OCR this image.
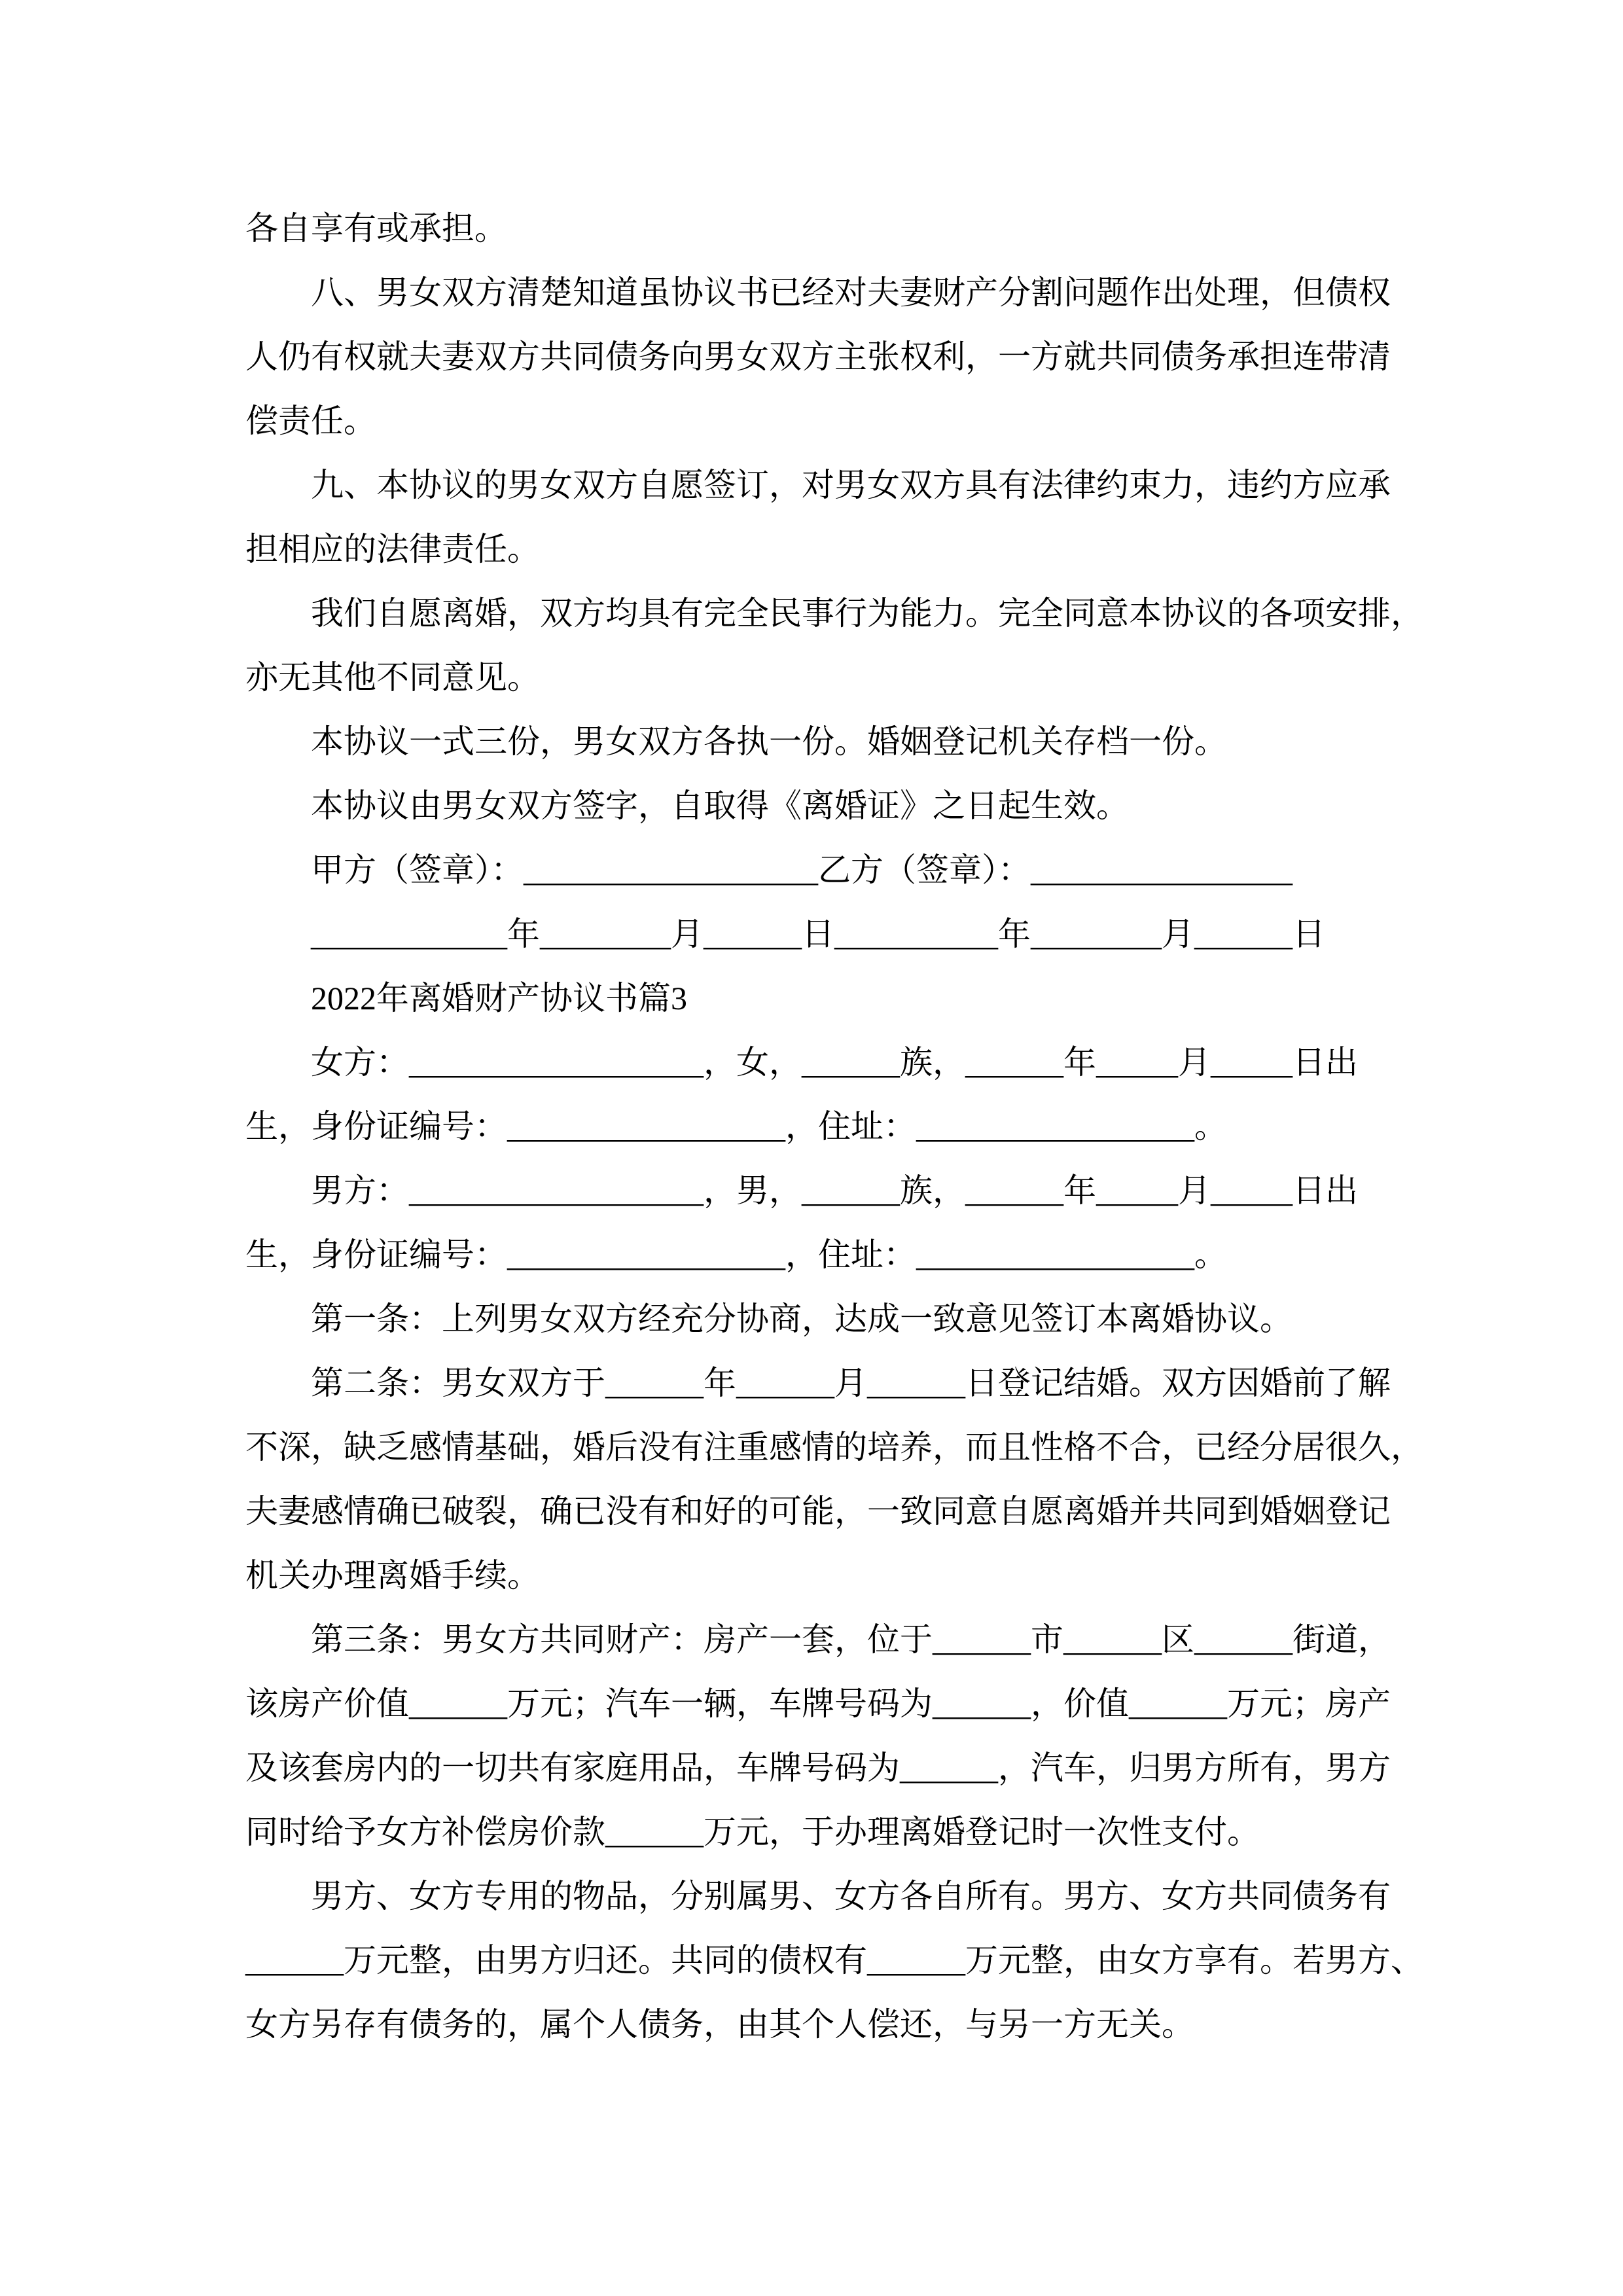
各自享有或承担。
八、男女双方清楚知道虽协议书已经对夫妻财产分割问题作出处理，但债权
人仍有权就夫妻双方共同债务向男女双方主张权利，一方就共同债务承担连带清
偿责任。
九、本协议的男女双方自愿签订，对男女双方具有法律约束力，违约方应承
担相应的法律责任。
我们自愿离婚，双方均具有完全民事行为能力。完全同意本协议的各项安排，
亦无其他不同意见。
本协议一式三份，男女双方各执一份。婚姻登记机关存档一份。
本协议由男女双方签字，自取得《离婚证》之日起生效。
甲方（签章）：__________________乙方（签章）：________________
____________年________月______日__________年________月______日
2022年离婚财产协议书篇3
女方：__________________，女，______族，______年_____月_____日出
生，身份证编号：_________________，住址：_________________。
男方：__________________，男，______族，______年_____月_____日出
生，身份证编号：_________________，住址：_________________。
第一条：上列男女双方经充分协商，达成一致意见签订本离婚协议。
第二条：男女双方于______年______月______日登记结婚。双方因婚前了解
不深，缺乏感情基础，婚后没有注重感情的培养，而且性格不合，已经分居很久，
夫妻感情确已破裂，确已没有和好的可能，一致同意自愿离婚并共同到婚姻登记
机关办理离婚手续。
第三条：男女方共同财产：房产一套，位于______市______区______街道，
该房产价值______万元；汽车一辆，车牌号码为______，价值______万元；房产
及该套房内的一切共有家庭用品，车牌号码为______，汽车，归男方所有，男方
同时给予女方补偿房价款______万元，于办理离婚登记时一次性支付。
男方、女方专用的物品，分别属男、女方各自所有。男方、女方共同债务有
______万元整，由男方归还。共同的债权有______万元整，由女方享有。若男方、
女方另存有债务的，属个人债务，由其个人偿还，与另一方无关。
